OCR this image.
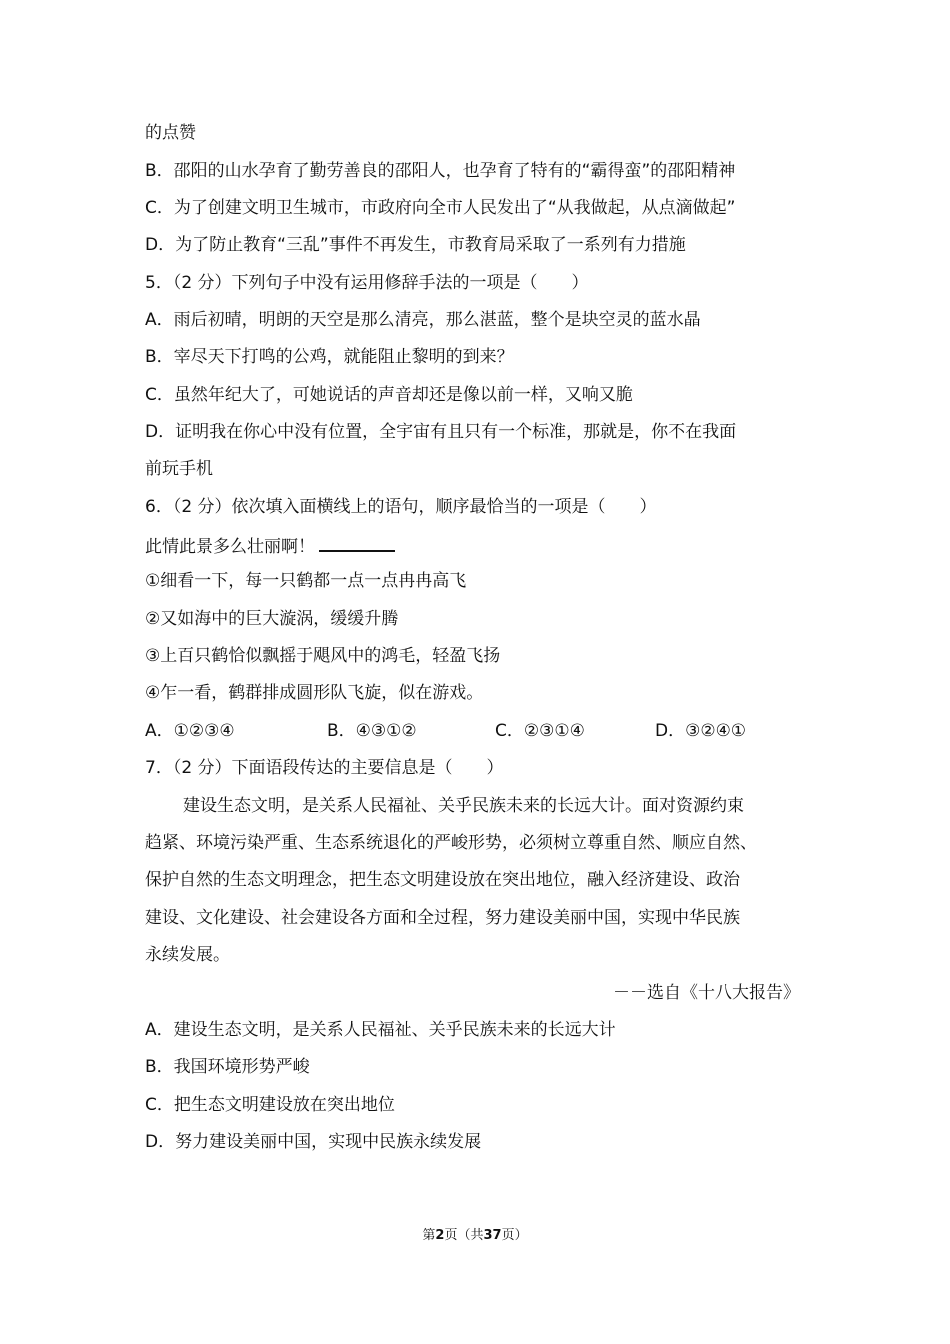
的点赞
B．邵阳的山水孕育了勤劳善良的邵阳人，也孕育了特有的“霸得蛮”的邵阳精神
C．为了创建文明卫生城市，市政府向全市人民发出了“从我做起，从点滴做起”
D．为了防止教育“三乱”事件不再发生，市教育局采取了一系列有力措施
5．（2 分）下列句子中没有运用修辞手法的一项是（　　）
A．雨后初晴，明朗的天空是那么清亮，那么湛蓝，整个是块空灵的蓝水晶
B．宰尽天下打鸣的公鸡，就能阻止黎明的到来？
C．虽然年纪大了，可她说话的声音却还是像以前一样，又响又脆
D．证明我在你心中没有位置，全宇宙有且只有一个标准，那就是，你不在我面
前玩手机
6．（2 分）依次填入面横线上的语句，顺序最恰当的一项是（　　）
此情此景多么壮丽啊！
①细看一下，每一只鹤都一点一点冉冉高飞
②又如海中的巨大漩涡，缓缓升腾
③上百只鹤恰似飘摇于飓风中的鸿毛，轻盈飞扬
④乍一看，鹤群排成圆形队飞旋，似在游戏。
A．①②③④	B．④③①②	C．②③①④	D．③②④①
7．（2 分）下面语段传达的主要信息是（　　）
建设生态文明，是关系人民福祉、关乎民族未来的长远大计。面对资源约束
趋紧、环境污染严重、生态系统退化的严峻形势，必须树立尊重自然、顺应自然、
保护自然的生态文明理念，把生态文明建设放在突出地位，融入经济建设、政治
建设、文化建设、社会建设各方面和全过程，努力建设美丽中国，实现中华民族
永续发展。
－－选自《十八大报告》
A．建设生态文明，是关系人民福祉、关乎民族未来的长远大计
B．我国环境形势严峻
C．把生态文明建设放在突出地位
D．努力建设美丽中国，实现中民族永续发展
第2页（共37页）
